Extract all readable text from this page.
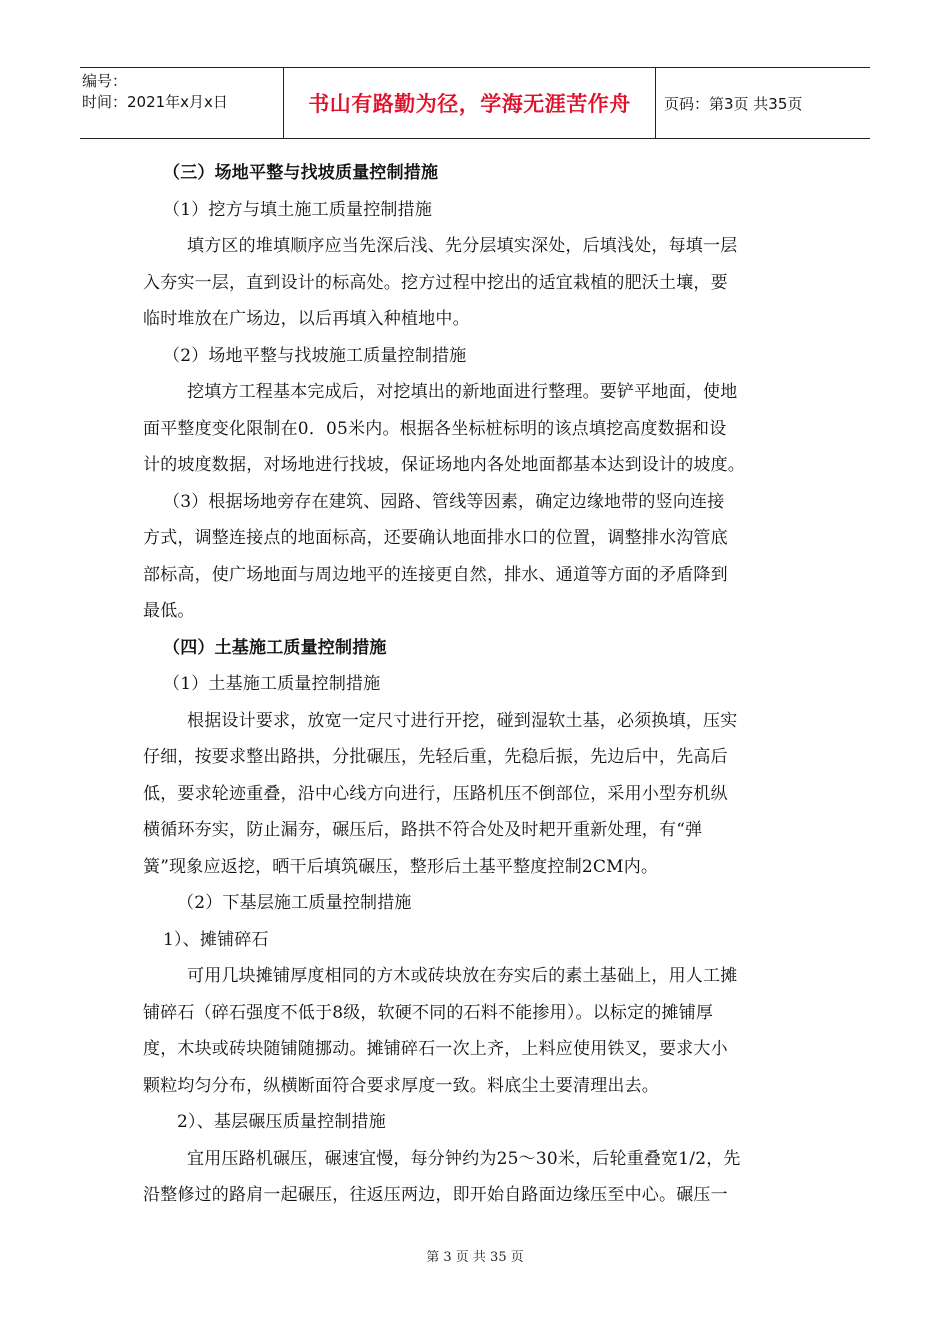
编号：
时间：2021年x月x日	书山有路勤为径，学海无涯苦作舟 页码：第3页 共35页
（三）场地平整与找坡质量控制措施
（1）挖方与填土施工质量控制措施
填方区的堆填顺序应当先深后浅、先分层填实深处，后填浅处，每填一层
入夯实一层，直到设计的标高处。挖方过程中挖出的适宜栽植的肥沃土壤，要
临时堆放在广场边，以后再填入种植地中。
（2）场地平整与找坡施工质量控制措施
挖填方工程基本完成后，对挖填出的新地面进行整理。要铲平地面，使地
面平整度变化限制在0．05米内。根据各坐标桩标明的该点填挖高度数据和设
计的坡度数据，对场地进行找坡，保证场地内各处地面都基本达到设计的坡度。
（3）根据场地旁存在建筑、园路、管线等因素，确定边缘地带的竖向连接
方式，调整连接点的地面标高，还要确认地面排水口的位置，调整排水沟管底
部标高，使广场地面与周边地平的连接更自然，排水、通道等方面的矛盾降到
最低。
（四）土基施工质量控制措施
（1）土基施工质量控制措施
根据设计要求，放宽一定尺寸进行开挖，碰到湿软土基，必须换填，压实
仔细，按要求整出路拱，分批碾压，先轻后重，先稳后振，先边后中，先高后
低，要求轮迹重叠，沿中心线方向进行，压路机压不倒部位，采用小型夯机纵
横循环夯实，防止漏夯，碾压后，路拱不符合处及时耙开重新处理，有“弹
簧”现象应返挖，晒干后填筑碾压，整形后土基平整度控制2CM内。
（2）下基层施工质量控制措施
1）、摊铺碎石
可用几块摊铺厚度相同的方木或砖块放在夯实后的素土基础上，用人工摊
铺碎石（碎石强度不低于8级，软硬不同的石料不能掺用）。以标定的摊铺厚
度，木块或砖块随铺随挪动。摊铺碎石一次上齐，上料应使用铁叉，要求大小
颗粒均匀分布，纵横断面符合要求厚度一致。料底尘土要清理出去。
2）、基层碾压质量控制措施
宜用压路机碾压，碾速宜慢，每分钟约为25～30米，后轮重叠宽1/2，先
沿整修过的路肩一起碾压，往返压两边，即开始自路面边缘压至中心。碾压一
第 3 页 共 35 页
